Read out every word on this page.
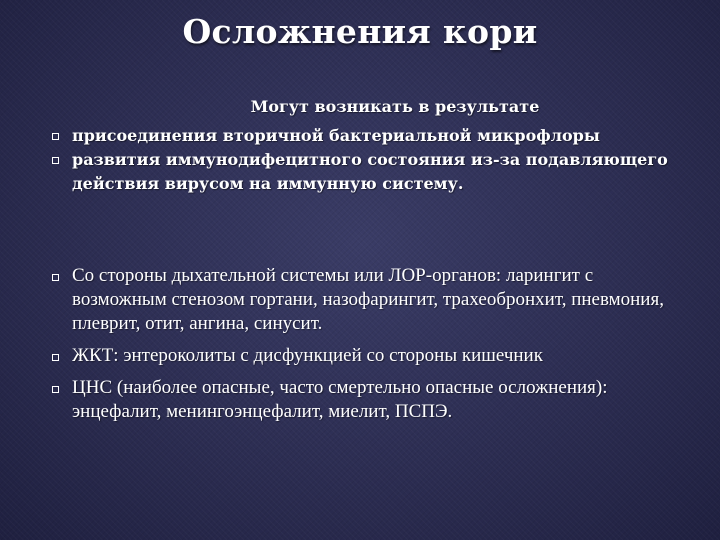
Осложнения кори
Могут возникать в результате
присоединения вторичной бактериальной микрофлоры
развития иммунодифецитного состояния из-за подавляющего действия вирусом на иммунную систему.
Со стороны дыхательной системы или ЛОР-органов: ларингит с возможным стенозом гортани, назофарингит, трахеобронхит, пневмония, плеврит, отит, ангина, синусит.
ЖКТ: энтероколиты с дисфункцией со стороны кишечник
ЦНС (наиболее опасные, часто смертельно опасные осложнения): энцефалит, менингоэнцефалит, миелит, ПСПЭ.
